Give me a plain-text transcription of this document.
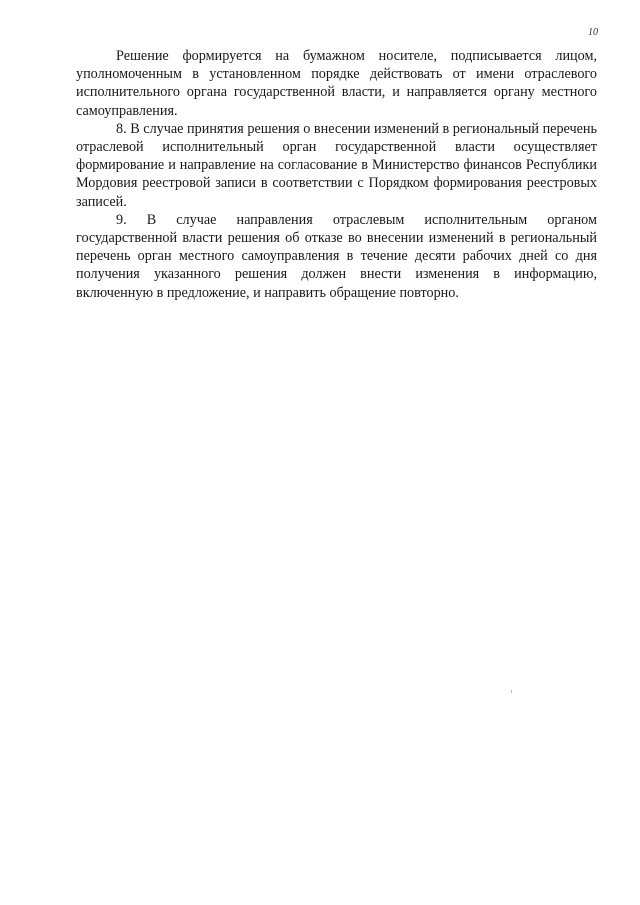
10

Решение формируется на бумажном носителе, подписывается лицом, уполномоченным в установленном порядке действовать от имени отраслевого исполнительного органа государственной власти, и направляется органу местного самоуправления.

8. В случае принятия решения о внесении изменений в региональный перечень отраслевой исполнительный орган государственной власти осуществляет формирование и направление на согласование в Министерство финансов Республики Мордовия реестровой записи в соответствии с Порядком формирования реестровых записей.

9. В случае направления отраслевым исполнительным органом государственной власти решения об отказе во внесении изменений в региональный перечень орган местного самоуправления в течение десяти рабочих дней со дня получения указанного решения должен внести изменения в информацию, включенную в предложение, и направить обращение повторно.
